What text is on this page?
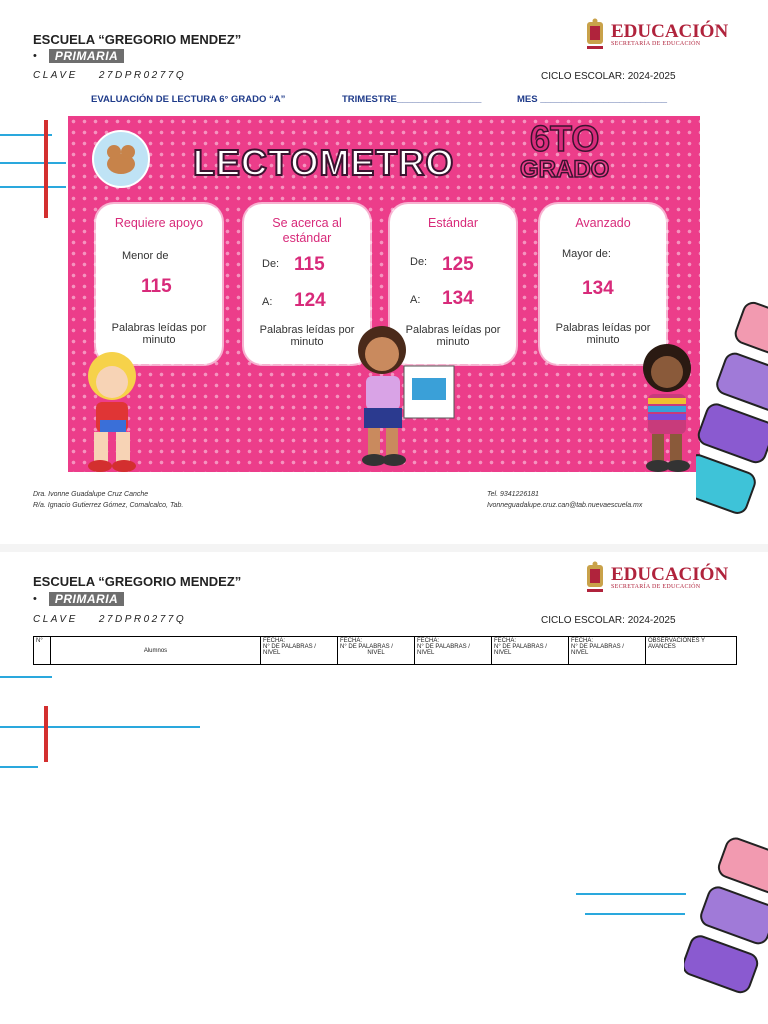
ESCUELA “GREGORIO MENDEZ”
•	PRIMARIA
CLAVE    27DPR0277Q	CICLO ESCOLAR: 2024-2025
EDUCACIÓN
SECRETARÍA DE EDUCACIÓN
EVALUACIÓN DE LECTURA 6° GRADO “A”	TRIMESTRE________________	MES ________________________
LECTOMETRO
6TO
GRADO
Requiere apoyo
Menor de
115
Palabras leídas por minuto
Se acerca al estándar
De: 115
A: 124
Palabras leídas por minuto
Estándar
De: 125
A: 134
Palabras leídas por minuto
Avanzado
Mayor de:
134
Palabras leídas por minuto
Dra. Ivonne Guadalupe Cruz Canche
R/a. Ignacio Gutierrez Gómez, Comalcalco, Tab.
Tel. 9341226181
Ivonneguadalupe.cruz.can@tab.nuevaescuela.mx
ESCUELA “GREGORIO MENDEZ”
•	PRIMARIA
CLAVE    27DPR0277Q	CICLO ESCOLAR: 2024-2025
EDUCACIÓN
SECRETARÍA DE EDUCACIÓN
N°	Alumnos	
FECHA:
N° DE PALABRAS /
NIVEL

FECHA:
N° DE PALABRAS /
NIVEL

FECHA:
N° DE PALABRAS /
NIVEL

FECHA:
N° DE PALABRAS /
NIVEL

FECHA:
N° DE PALABRAS /
NIVEL
	OBSERVACIONES Y AVANCES
